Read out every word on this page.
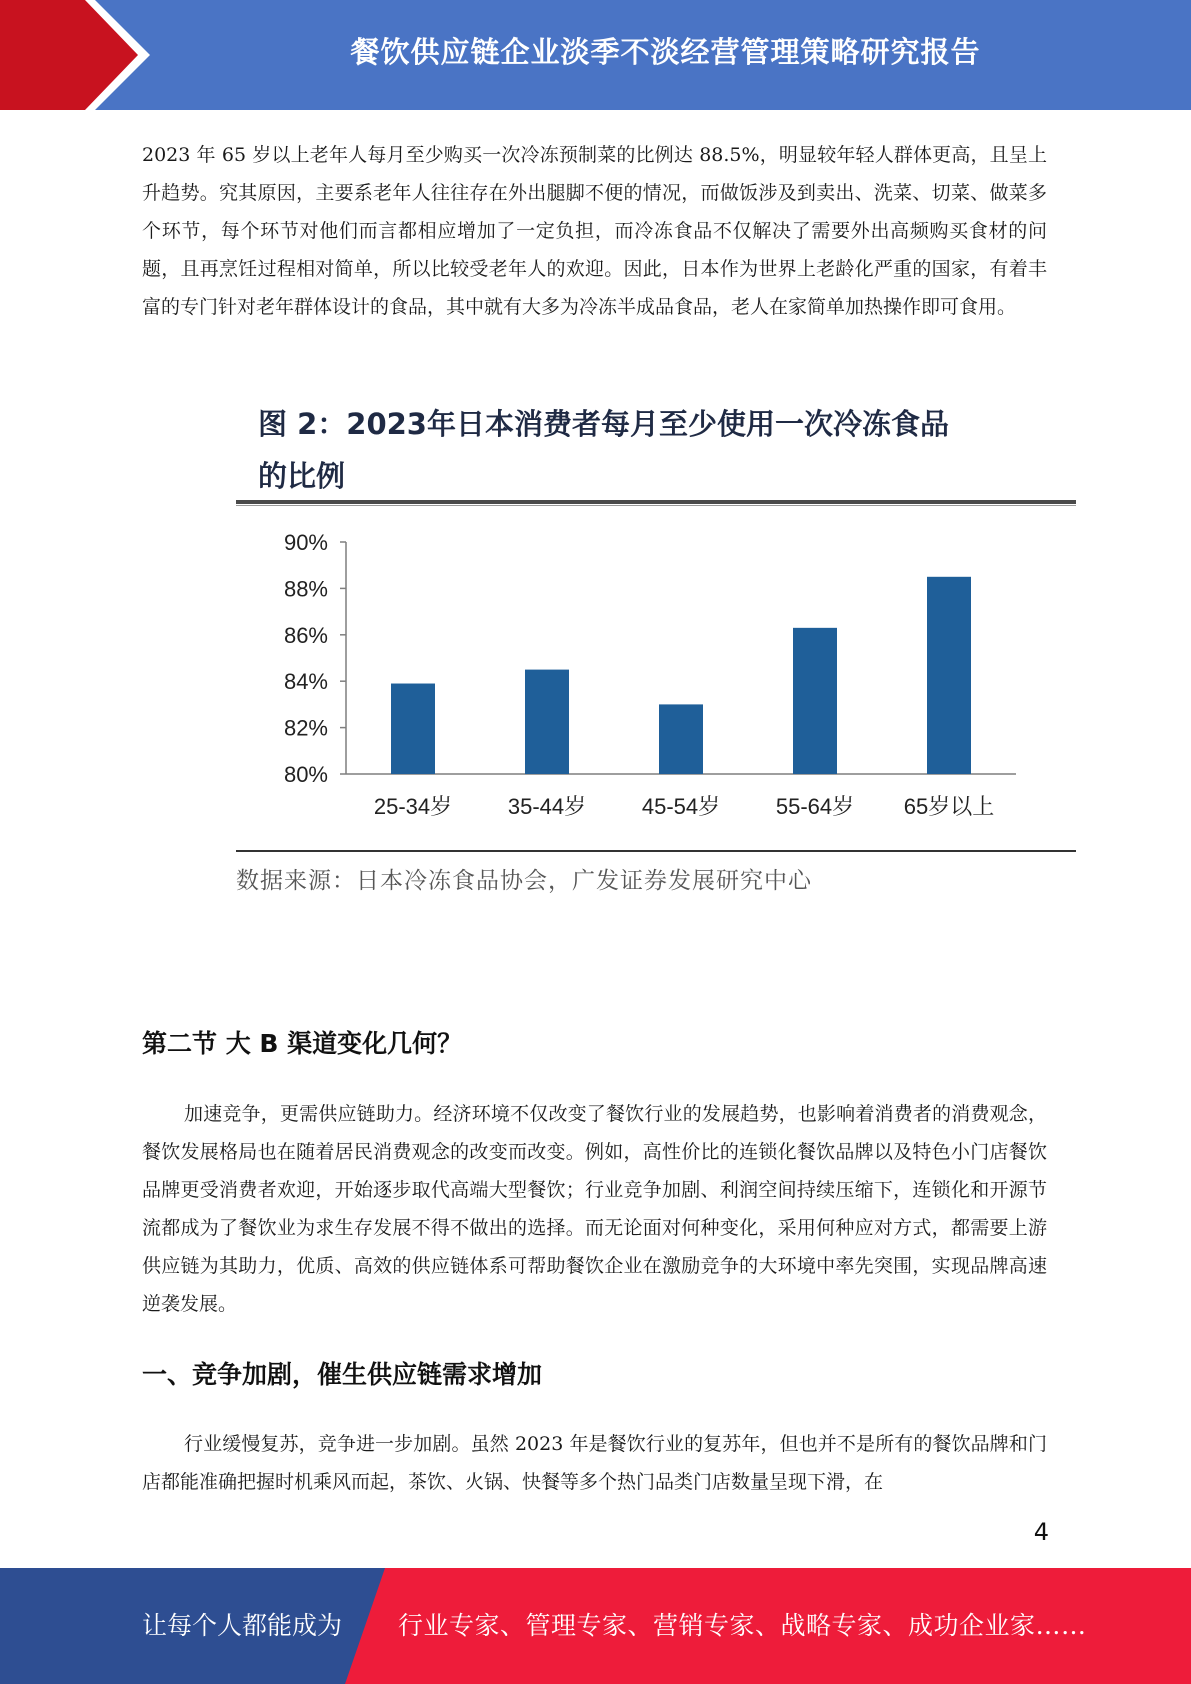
餐饮供应链企业淡季不淡经营管理策略研究报告

2023 年 65 岁以上老年人每月至少购买一次冷冻预制菜的比例达 88.5%，明显较年轻人群体更高，且呈上升趋势。究其原因，主要系老年人往往存在外出腿脚不便的情况，而做饭涉及到卖出、洗菜、切菜、做菜多个环节，每个环节对他们而言都相应增加了一定负担，而冷冻食品不仅解决了需要外出高频购买食材的问题，且再烹饪过程相对简单，所以比较受老年人的欢迎。因此，日本作为世界上老龄化严重的国家，有着丰富的专门针对老年群体设计的食品，其中就有大多为冷冻半成品食品，老人在家简单加热操作即可食用。

图 2：2023年日本消费者每月至少使用一次冷冻食品
的比例
80%
82%
84%
86%
88%
90%
25-34岁	35-44岁	45-54岁	55-64岁 65岁以上
数据来源：日本冷冻食品协会，广发证券发展研究中心
第二节 大 B 渠道变化几何？

加速竞争，更需供应链助力。经济环境不仅改变了餐饮行业的发展趋势，也影响着消费者的消费观念，餐饮发展格局也在随着居民消费观念的改变而改变。例如，高性价比的连锁化餐饮品牌以及特色小门店餐饮品牌更受消费者欢迎，开始逐步取代高端大型餐饮；行业竞争加剧、利润空间持续压缩下，连锁化和开源节流都成为了餐饮业为求生存发展不得不做出的选择。而无论面对何种变化，采用何种应对方式，都需要上游供应链为其助力，优质、高效的供应链体系可帮助餐饮企业在激励竞争的大环境中率先突围，实现品牌高速逆袭发展。

一、竞争加剧，催生供应链需求增加

行业缓慢复苏，竞争进一步加剧。虽然 2023 年是餐饮行业的复苏年，但也并不是所有的餐饮品牌和门店都能准确把握时机乘风而起，茶饮、火锅、快餐等多个热门品类门店数量呈现下滑，在

4
让每个人都能成为 行业专家、管理专家、营销专家、战略专家、成功企业家……
